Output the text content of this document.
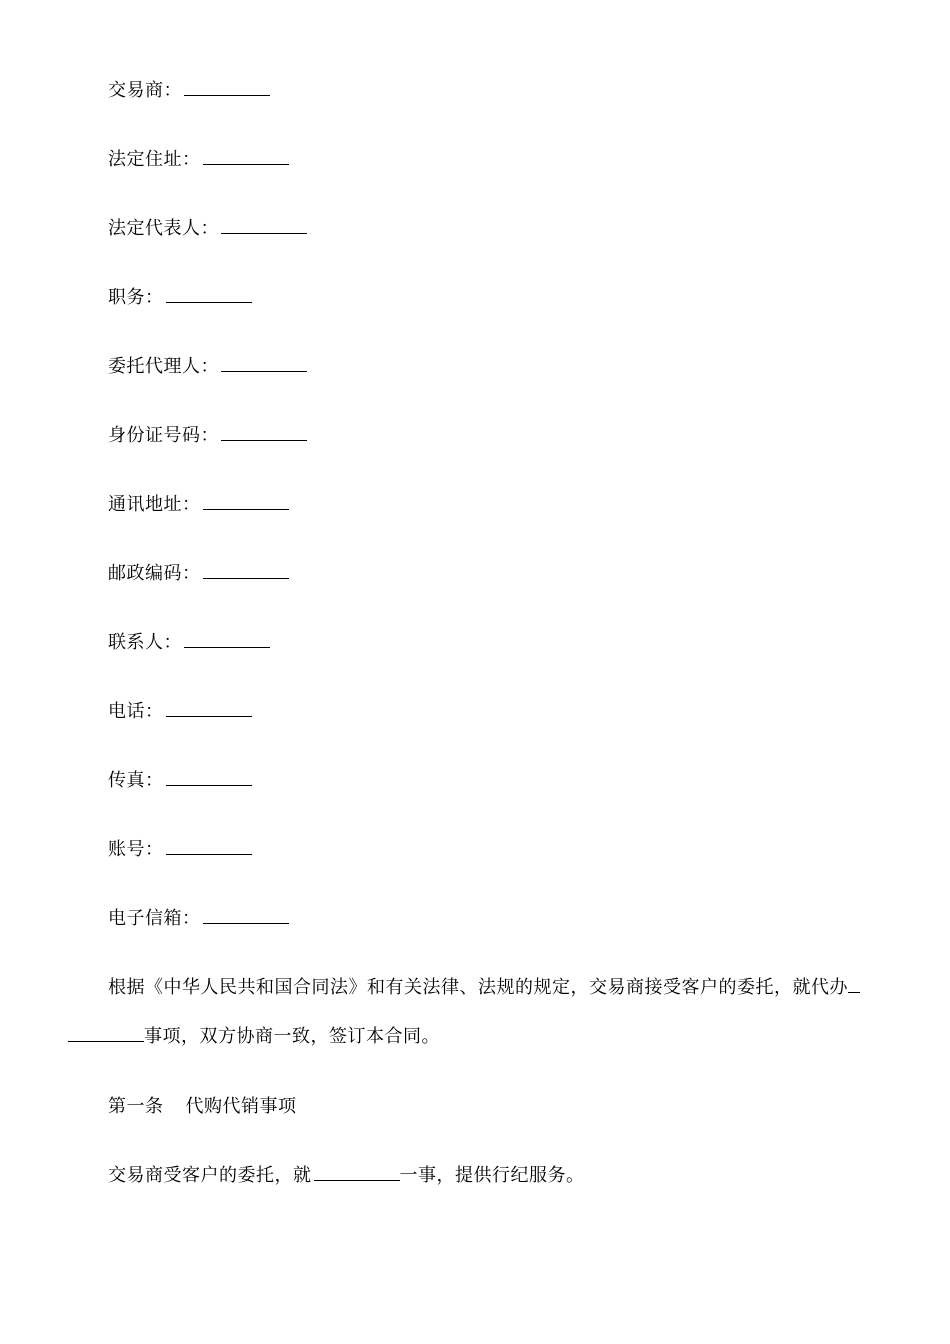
交易商：
法定住址：
法定代表人：
职务：
委托代理人：
身份证号码：
通讯地址：
邮政编码：
联系人：
电话：
传真：
账号：
电子信箱：
根据《中华人民共和国合同法》和有关法律、法规的规定，交易商接受客户的委托，就代办
事项，双方协商一致，签订本合同。
第一条 代购代销事项
交易商受客户的委托，就	一事，提供行纪服务。
